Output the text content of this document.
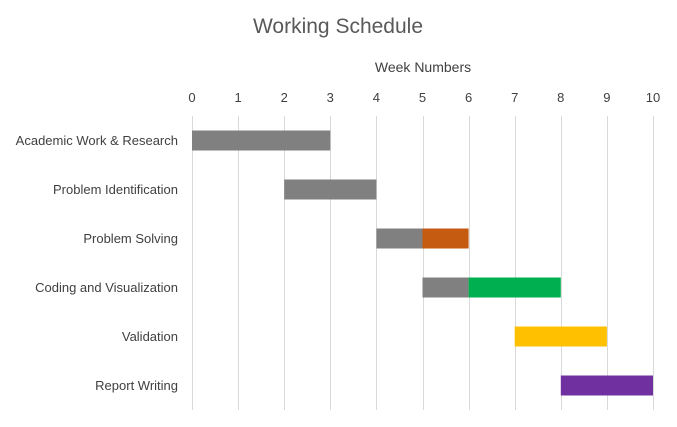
Working Schedule
Week Numbers
0	1	2	3	4	5	6	7	8	9	10
Academic Work & Research
Problem Identification
Problem Solving
Coding and Visualization
Validation
Report Writing
